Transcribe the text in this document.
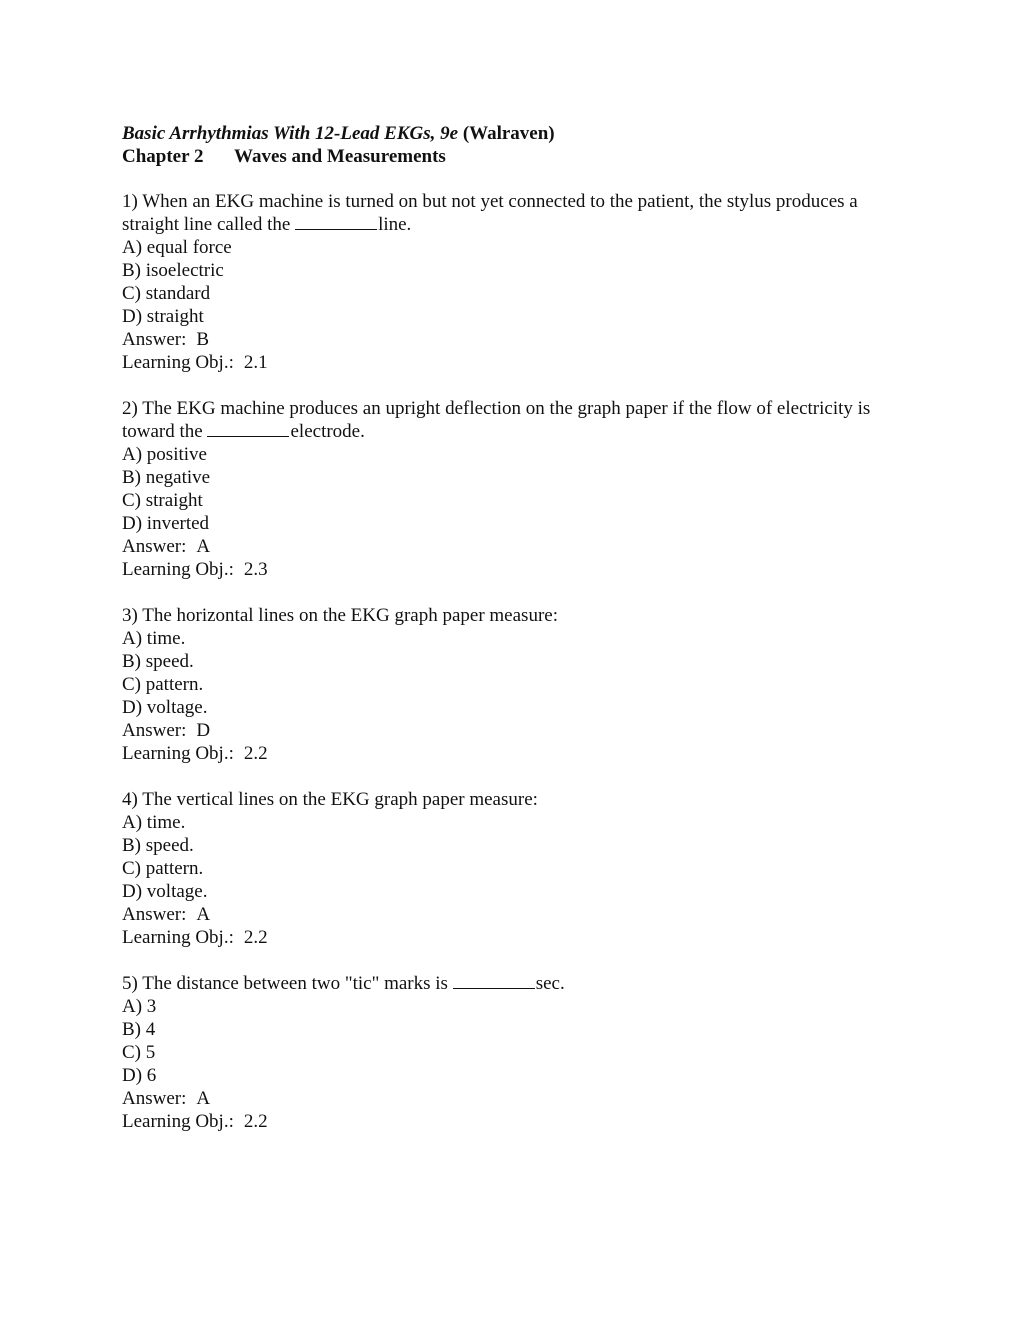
Basic Arrhythmias With 12-Lead EKGs, 9e (Walraven)
Chapter 2 Waves and Measurements

1) When an EKG machine is turned on but not yet connected to the patient, the stylus produces a straight line called the	line.

A) equal force
B) isoelectric
C) standard
D) straight
Answer: B
Learning Obj.: 2.1

2) The EKG machine produces an upright deflection on the graph paper if the flow of electricity is toward the	electrode.

A) positive
B) negative
C) straight
D) inverted
Answer: A
Learning Obj.: 2.3

3) The horizontal lines on the EKG graph paper measure:

A) time.
B) speed.
C) pattern.
D) voltage.
Answer: D
Learning Obj.: 2.2

4) The vertical lines on the EKG graph paper measure:

A) time.
B) speed.
C) pattern.
D) voltage.
Answer: A
Learning Obj.: 2.2

5) The distance between two "tic" marks is	sec.

A) 3
B) 4
C) 5
D) 6
Answer: A
Learning Obj.: 2.2
